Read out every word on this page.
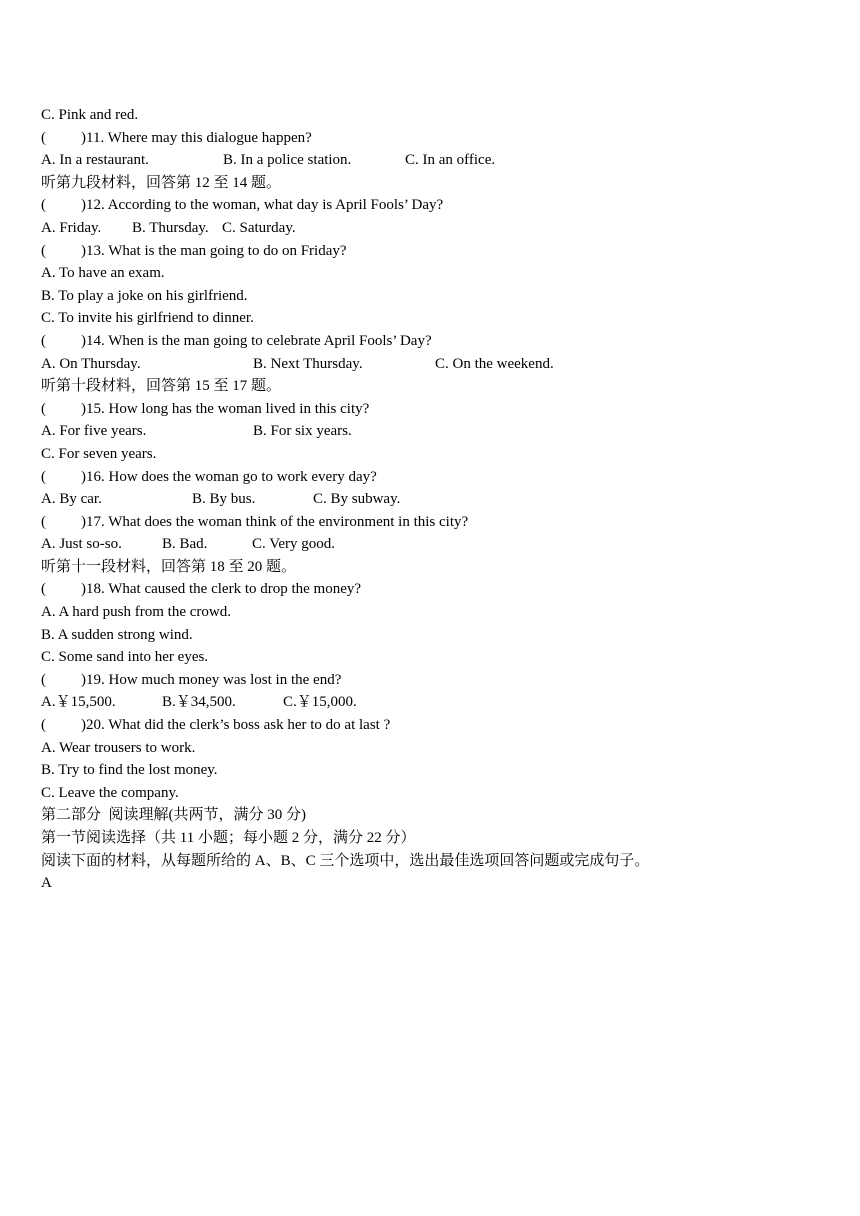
C. Pink and red.
( )11. Where may this dialogue happen?

A. In a restaurant.

	B. In a police station.

	C. In an office.

听第九段材料，回答第 12 至 14 题。
( )12. According to the woman, what day is April Fools’ Day?

A. Friday.

B. Thursday.

C. Saturday.

( )13. What is the man going to do on Friday?
A. To have an exam.
B. To play a joke on his girlfriend.
C. To invite his girlfriend to dinner.
( )14. When is the man going to celebrate April Fools’ Day?

A. On Thursday.

	B. Next Thursday.

	C. On the weekend.

听第十段材料，回答第 15 至 17 题。
( )15. How long has the woman lived in this city?

A. For five years.

	B. For six years.

C. For seven years.
( )16. How does the woman go to work every day?

A. By car.

	B. By bus.

	C. By subway.

( )17. What does the woman think of the environment in this city?

A. Just so-so.

	B. Bad.

	C. Very good.

听第十一段材料，回答第 18 至 20 题。
( )18. What caused the clerk to drop the money?
A. A hard push from the crowd.
B. A sudden strong wind.
C. Some sand into her eyes.
( )19. How much money was lost in the end?

A.￥15,500.

	B.￥34,500.

	C.￥15,000.

( )20. What did the clerk’s boss ask her to do at last ?
A. Wear trousers to work.
B. Try to find the lost money.
C. Leave the company.
第二部分  阅读理解(共两节，满分 30 分)
第一节阅读选择（共 11 小题；每小题 2 分，满分 22 分）
阅读下面的材料，从每题所给的 A、B、C 三个选项中，选出最佳选项回答问题或完成句子。
A
